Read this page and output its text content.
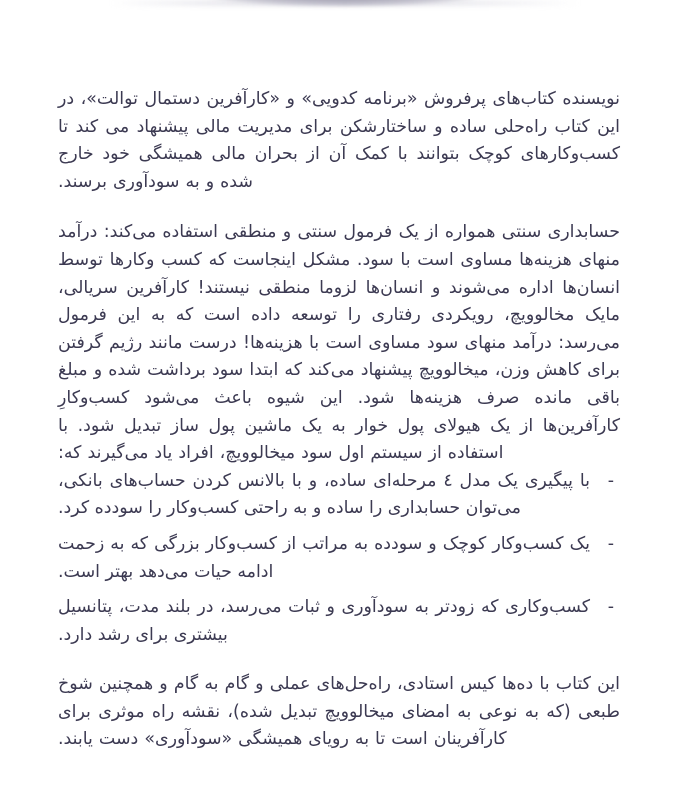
نویسنده کتاب‌های پرفروش «برنامه کدویی» و «کارآفرین دستمال توالت»، در این کتاب راه‌حلی ساده و ساختارشکن برای مدیریت مالی پیشنهاد می کند تا کسب‌وکارهای کوچک بتوانند با کمک آن از بحران مالی همیشگی خود خارج شده و به سودآوری برسند.

حسابداری سنتی همواره از یک فرمول سنتی و منطقی استفاده می‌کند: درآمد منهای هزینه‌ها مساوی است با سود. مشکل اینجاست که کسب وکارها توسط انسان‌ها اداره می‌شوند و انسان‌ها لزوما منطقی نیستند! کارآفرین سریالی، مایک مخالوویچ، رویکردی رفتاری را توسعه داده است که به این فرمول می‌رسد: درآمد منهای سود مساوی است با هزینه‌ها! درست مانند رژیم گرفتن برای کاهش وزن، میخالوویچ پیشنهاد می‌کند که ابتدا سود برداشت شده و مبلغ باقی مانده صرف هزینه‌ها شود. این شیوه باعث می‌شود کسب‌وکارِ کارآفرین‌ها از یک هیولای پول خوار به یک ماشین پول ساز تبدیل شود. با استفاده از سیستم اول سود میخالوویچ، افراد یاد می‌گیرند که:

- با پیگیری یک مدل ٤ مرحله‌ای ساده، و با بالانس کردن حساب‌های بانکی، می‌توان حسابداری را ساده و به راحتی کسب‌وکار را سودده کرد.
- یک کسب‌وکار کوچک و سودده به مراتب از کسب‌وکار بزرگی که به زحمت ادامه حیات می‌دهد بهتر است.
- کسب‌وکاری که زودتر به سودآوری و ثبات می‌رسد، در بلند مدت، پتانسیل بیشتری برای رشد دارد.

این کتاب با ده‌ها کیس استادی، راه‌حل‌های عملی و گام به گام و همچنین شوخ طبعی (که به نوعی به امضای میخالوویچ تبدیل شده)، نقشه راه موثری برای کارآفرینان است تا به رویای همیشگی «سودآوری» دست یابند.
